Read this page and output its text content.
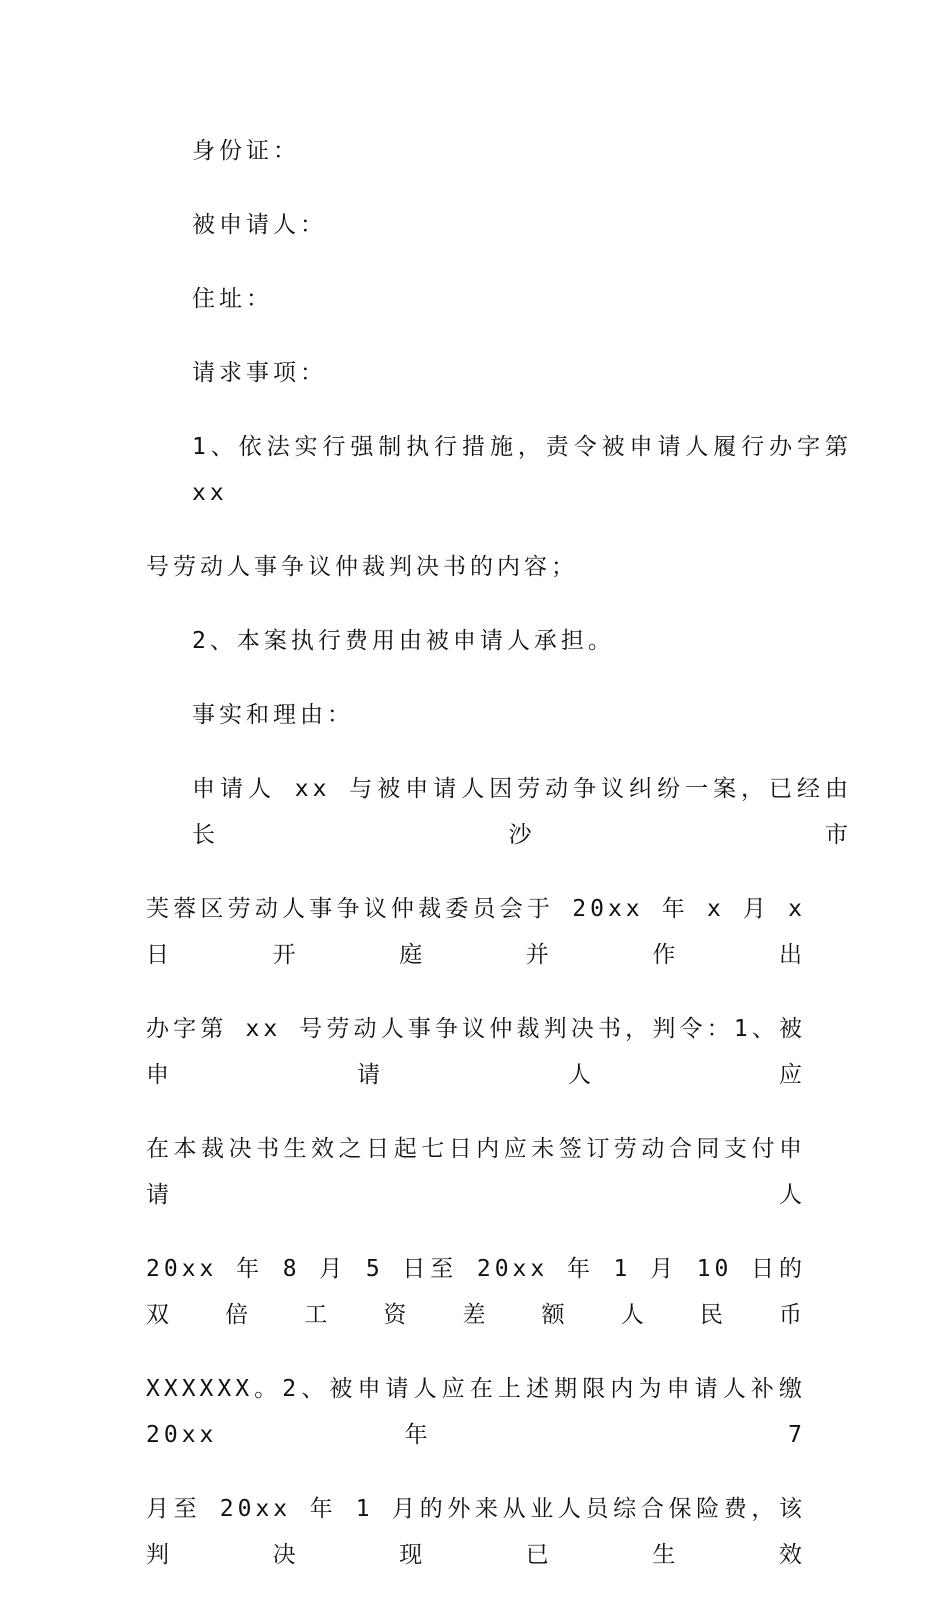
身份证：

被申请人：

住址：

请求事项：

1、依法实行强制执行措施，责令被申请人履行办字第 xx

号劳动人事争议仲裁判决书的内容；

2、本案执行费用由被申请人承担。

事实和理由：

申请人 xx 与被申请人因劳动争议纠纷一案，已经由长沙市

芙蓉区劳动人事争议仲裁委员会于 20xx 年 x 月 x 日开庭并作出

办字第 xx 号劳动人事争议仲裁判决书，判令：1、被申请人应

在本裁决书生效之日起七日内应未签订劳动合同支付申请人

20xx 年 8 月 5 日至 20xx 年 1 月 10 日的双倍工资差额人民币

XXXXXX。2、被申请人应在上述期限内为申请人补缴 20xx 年 7

月至 20xx 年 1 月的外来从业人员综合保险费，该判决现已生效
